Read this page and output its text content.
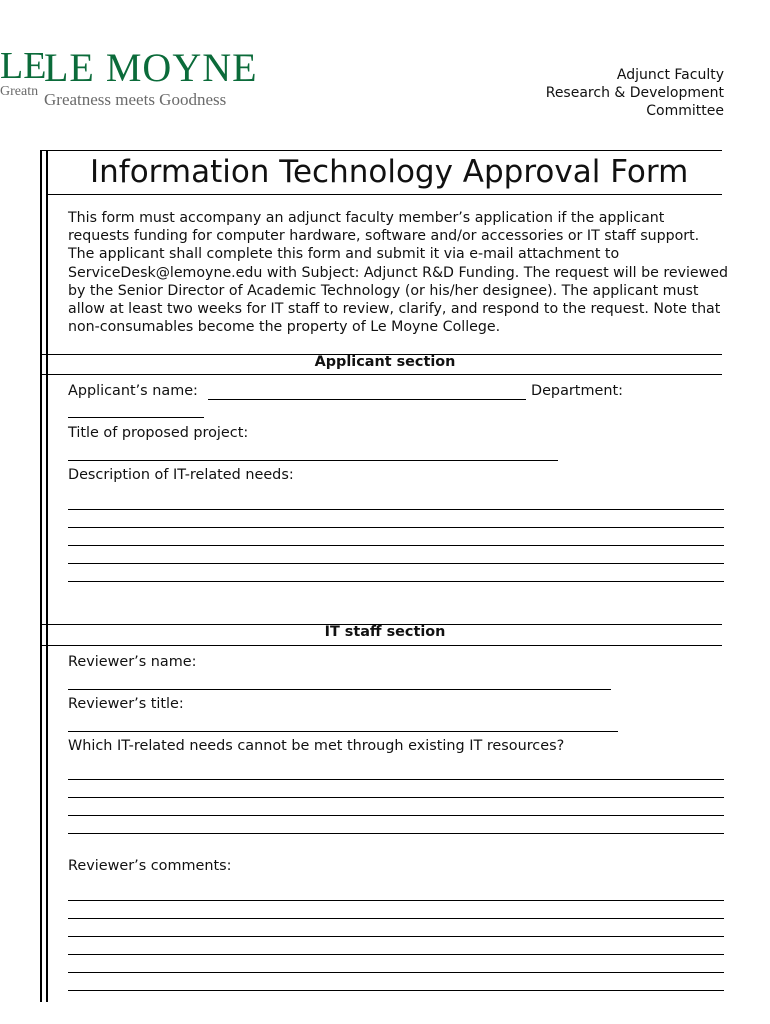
LE
LE MOYNE
Greatn Greatness meets Goodness
Adjunct Faculty
Research & Development
Committee
Information Technology Approval Form
This form must accompany an adjunct faculty member’s application if the applicant requests funding for computer hardware, software and/or accessories or IT staff support. The applicant shall complete this form and submit it via e-mail attachment to ServiceDesk@lemoyne.edu with Subject: Adjunct R&D Funding. The request will be reviewed by the Senior Director of Academic Technology (or his/her designee). The applicant must allow at least two weeks for IT staff to review, clarify, and respond to the request. Note that non-consumables become the property of Le Moyne College.
Applicant section
Applicant’s name:	Department:
Title of proposed project:
Description of IT-related needs:
IT staff section
Reviewer’s name:
Reviewer’s title:
Which IT-related needs cannot be met through existing IT resources?
Reviewer’s comments:
